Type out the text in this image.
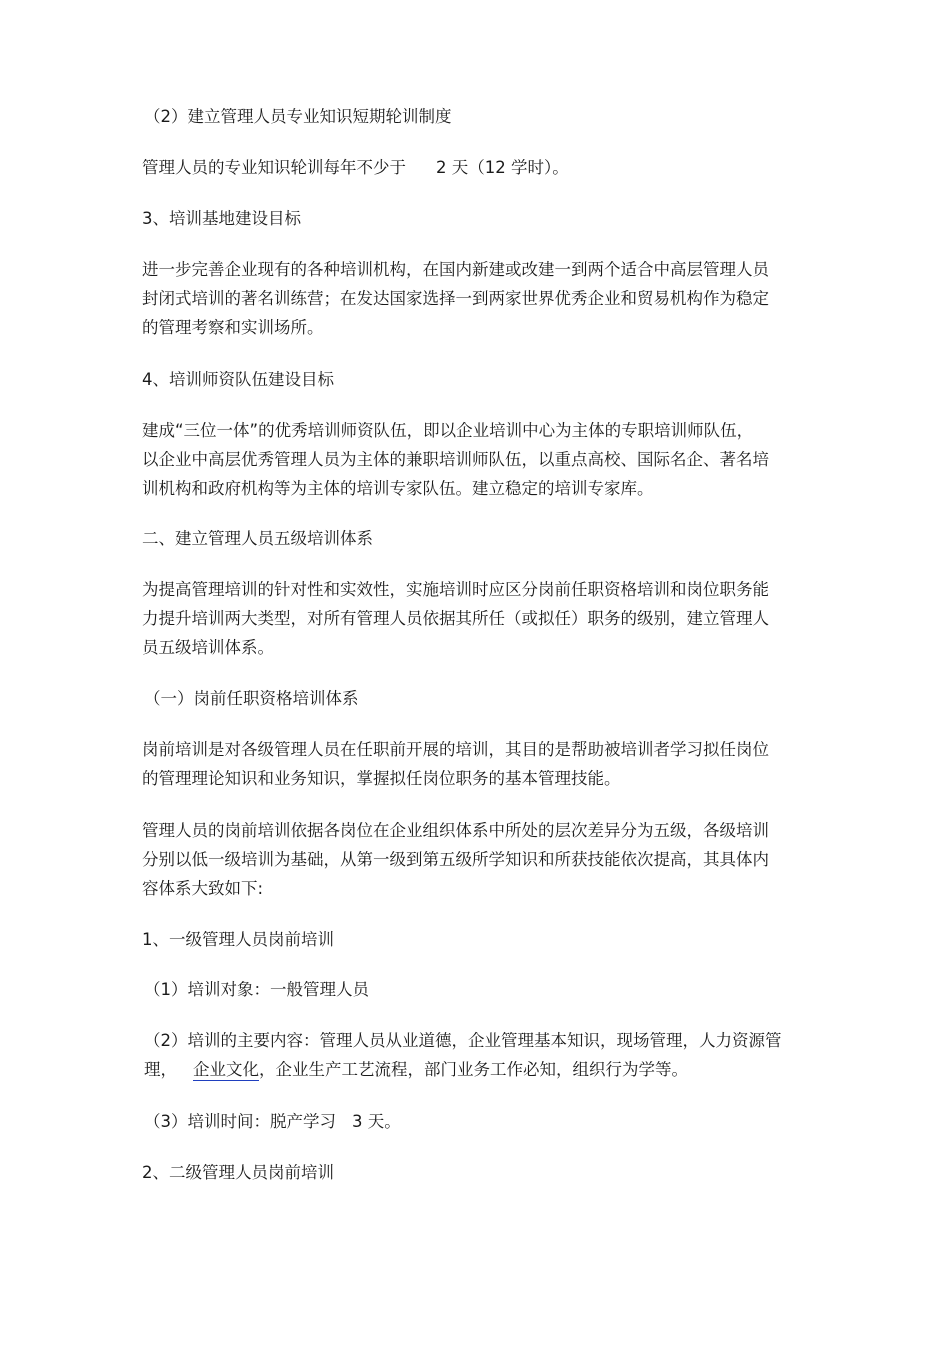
（2）建立管理人员专业知识短期轮训制度

管理人员的专业知识轮训每年不少于 2 天（12 学时）。

3、培训基地建设目标

进一步完善企业现有的各种培训机构，在国内新建或改建一到两个适合中高层管理人员
封闭式培训的著名训练营；在发达国家选择一到两家世界优秀企业和贸易机构作为稳定
的管理考察和实训场所。

4、培训师资队伍建设目标

建成“三位一体”的优秀培训师资队伍，即以企业培训中心为主体的专职培训师队伍，
以企业中高层优秀管理人员为主体的兼职培训师队伍，以重点高校、国际名企、著名培
训机构和政府机构等为主体的培训专家队伍。建立稳定的培训专家库。

二、建立管理人员五级培训体系

为提高管理培训的针对性和实效性，实施培训时应区分岗前任职资格培训和岗位职务能
力提升培训两大类型，对所有管理人员依据其所任（或拟任）职务的级别，建立管理人
员五级培训体系。

（一）岗前任职资格培训体系

岗前培训是对各级管理人员在任职前开展的培训，其目的是帮助被培训者学习拟任岗位
的管理理论知识和业务知识，掌握拟任岗位职务的基本管理技能。

管理人员的岗前培训依据各岗位在企业组织体系中所处的层次差异分为五级，各级培训
分别以低一级培训为基础，从第一级到第五级所学知识和所获技能依次提高，其具体内
容体系大致如下:

1、一级管理人员岗前培训

（1）培训对象：一般管理人员

（2）培训的主要内容：管理人员从业道德，企业管理基本知识，现场管理，人力资源管
理， 企业文化，企业生产工艺流程，部门业务工作必知，组织行为学等。

（3）培训时间：脱产学习 3 天。

2、二级管理人员岗前培训
